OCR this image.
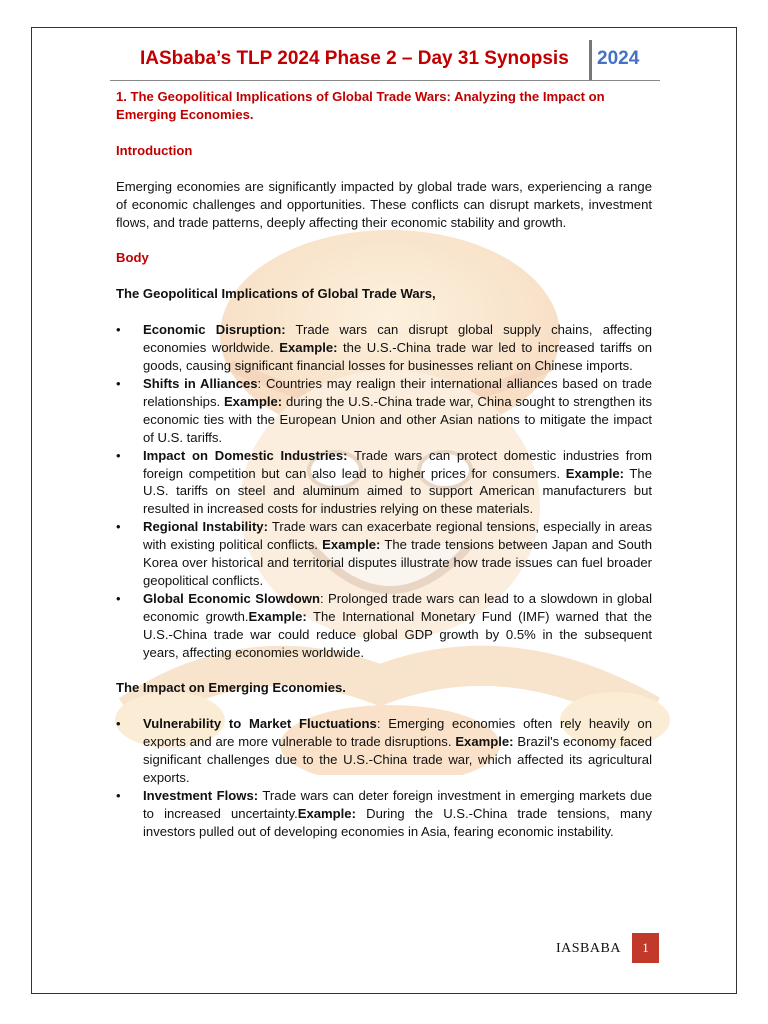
IASbaba’s TLP 2024 Phase 2 – Day 31 Synopsis 2024

1. The Geopolitical Implications of Global Trade Wars: Analyzing the Impact on Emerging Economies.

Introduction

Emerging economies are significantly impacted by global trade wars, experiencing a range of economic challenges and opportunities. These conflicts can disrupt markets, investment flows, and trade patterns, deeply affecting their economic stability and growth.

Body

The Geopolitical Implications of Global Trade Wars,

• Economic Disruption: Trade wars can disrupt global supply chains, affecting economies worldwide. Example: the U.S.-China trade war led to increased tariffs on goods, causing significant financial losses for businesses reliant on Chinese imports.
• Shifts in Alliances: Countries may realign their international alliances based on trade relationships. Example: during the U.S.-China trade war, China sought to strengthen its economic ties with the European Union and other Asian nations to mitigate the impact of U.S. tariffs.
• Impact on Domestic Industries: Trade wars can protect domestic industries from foreign competition but can also lead to higher prices for consumers. Example: The U.S. tariffs on steel and aluminum aimed to support American manufacturers but resulted in increased costs for industries relying on these materials.
• Regional Instability: Trade wars can exacerbate regional tensions, especially in areas with existing political conflicts. Example: The trade tensions between Japan and South Korea over historical and territorial disputes illustrate how trade issues can fuel broader geopolitical conflicts.
• Global Economic Slowdown: Prolonged trade wars can lead to a slowdown in global economic growth.Example: The International Monetary Fund (IMF) warned that the U.S.-China trade war could reduce global GDP growth by 0.5% in the subsequent years, affecting economies worldwide.

The Impact on Emerging Economies.

• Vulnerability to Market Fluctuations: Emerging economies often rely heavily on exports and are more vulnerable to trade disruptions. Example: Brazil's economy faced significant challenges due to the U.S.-China trade war, which affected its agricultural exports.
• Investment Flows: Trade wars can deter foreign investment in emerging markets due to increased uncertainty.Example: During the U.S.-China trade tensions, many investors pulled out of developing economies in Asia, fearing economic instability.
IASBABA	1
